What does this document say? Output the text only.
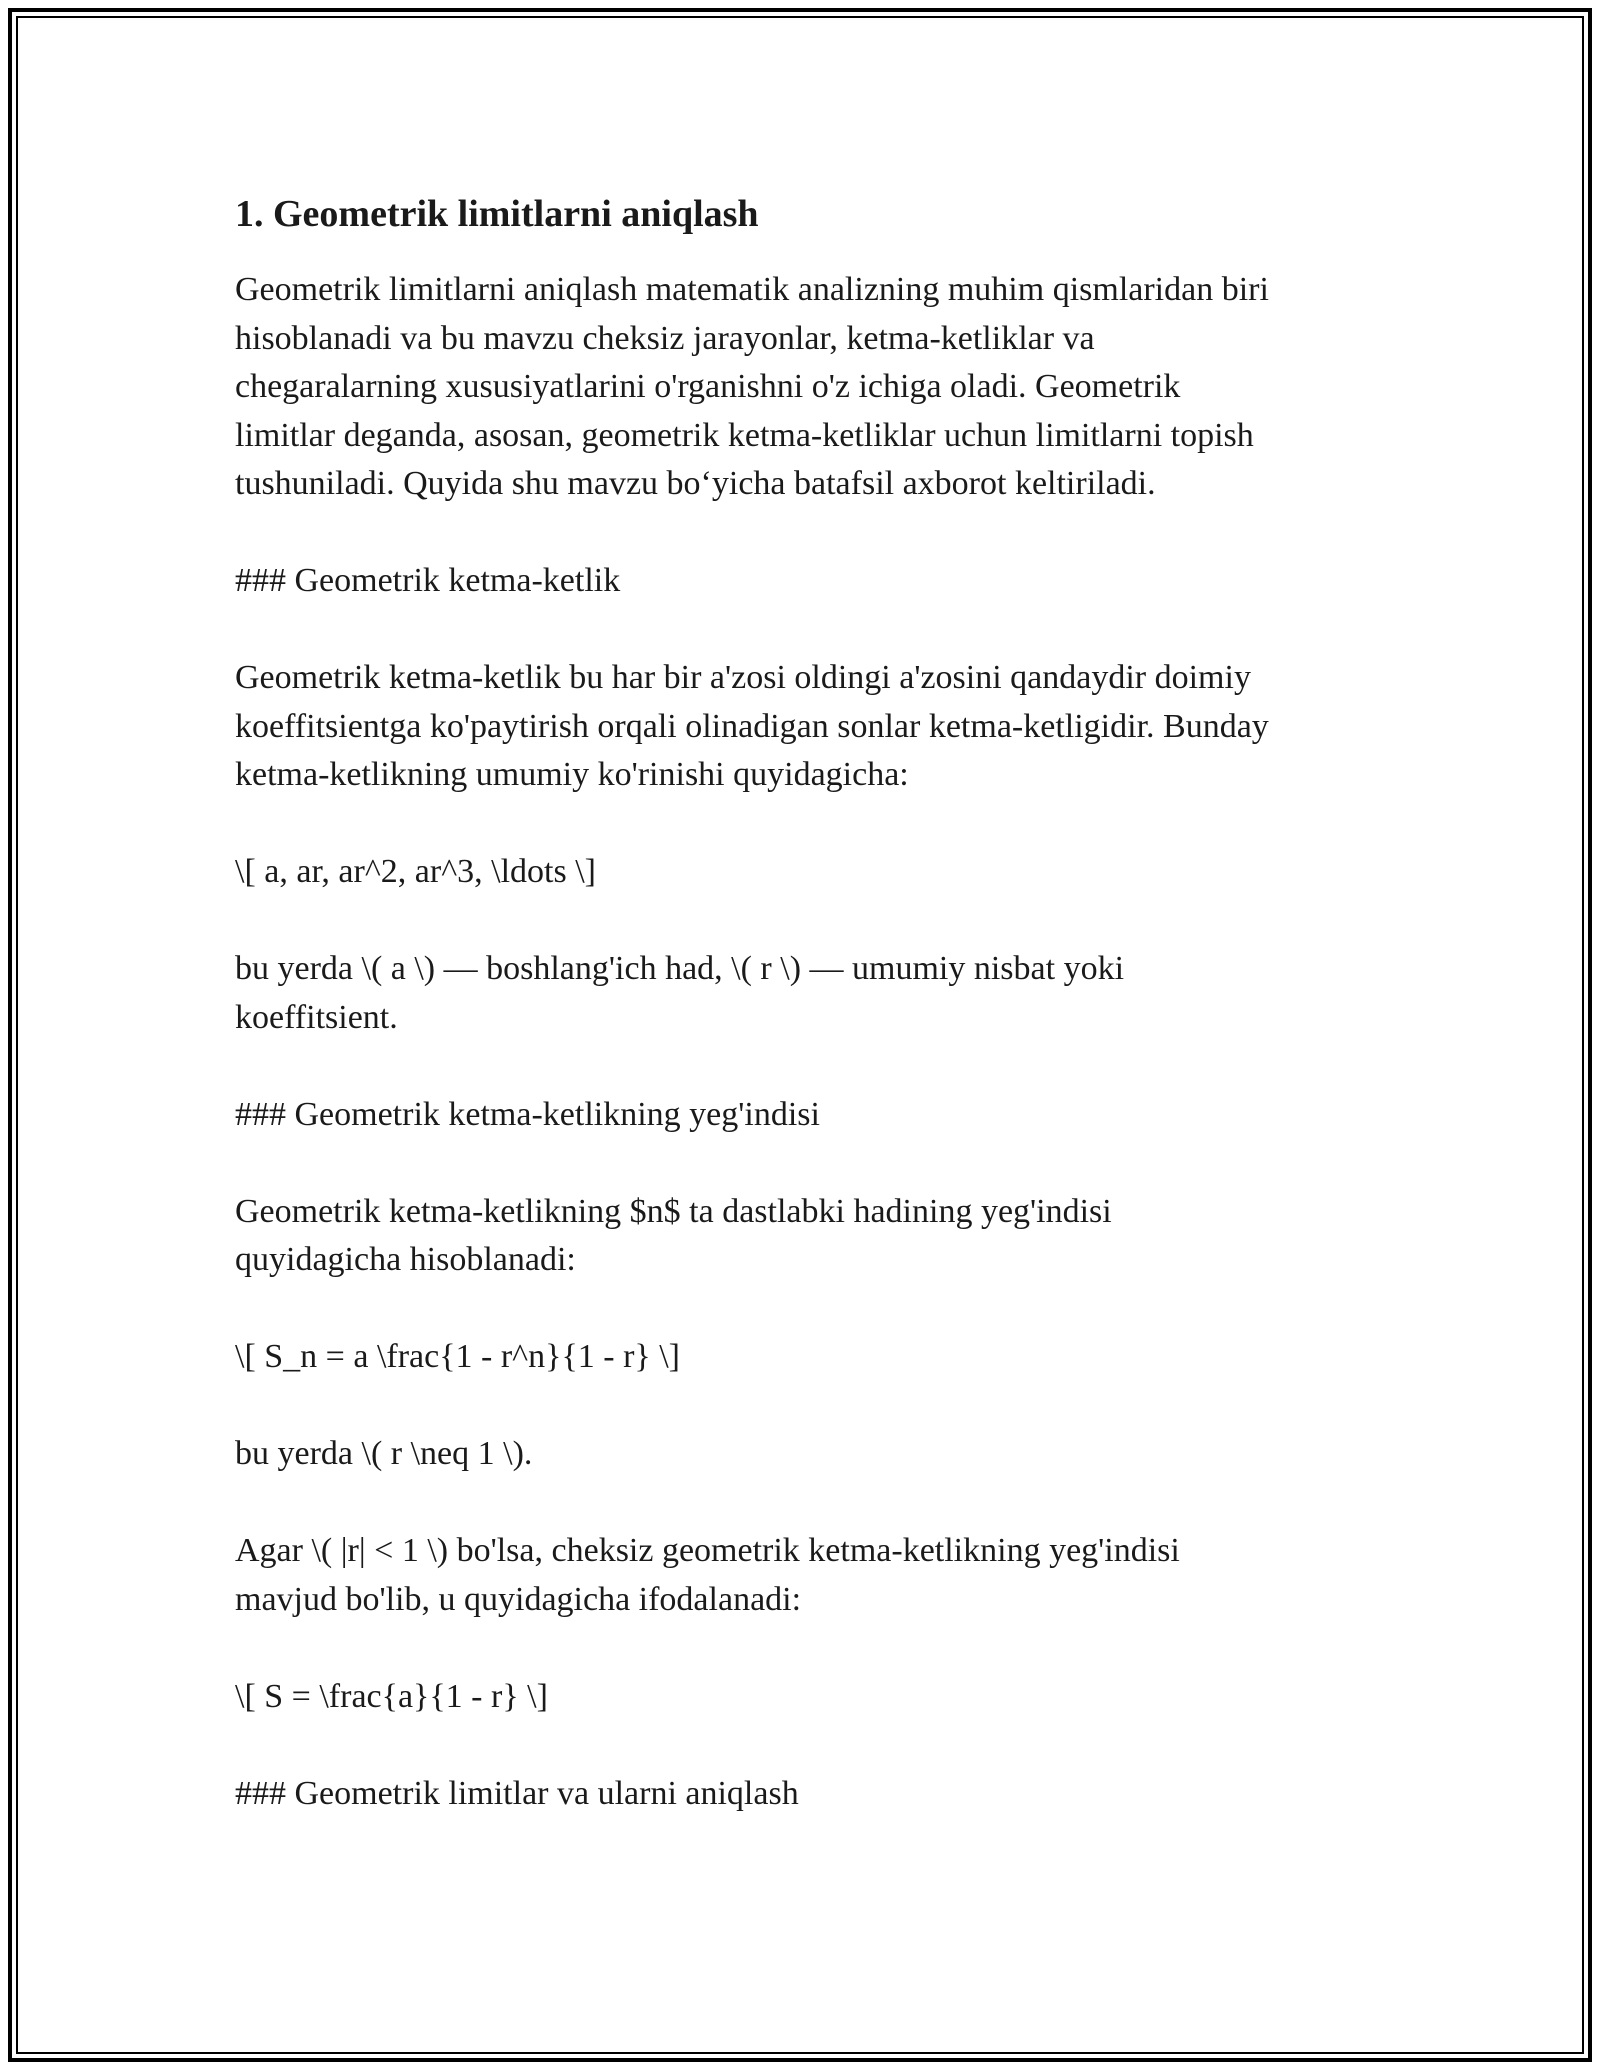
1. Geometrik limitlarni aniqlash

Geometrik limitlarni aniqlash matematik analizning muhim qismlaridan biri
hisoblanadi va bu mavzu cheksiz jarayonlar, ketma-ketliklar va
chegaralarning xususiyatlarini o'rganishni o'z ichiga oladi. Geometrik
limitlar deganda, asosan, geometrik ketma-ketliklar uchun limitlarni topish
tushuniladi. Quyida shu mavzu bo‘yicha batafsil axborot keltiriladi.

### Geometrik ketma-ketlik

Geometrik ketma-ketlik bu har bir a'zosi oldingi a'zosini qandaydir doimiy
koeffitsientga ko'paytirish orqali olinadigan sonlar ketma-ketligidir. Bunday
ketma-ketlikning umumiy ko'rinishi quyidagicha:

\[ a, ar, ar^2, ar^3, \ldots \]

bu yerda \( a \) — boshlang'ich had, \( r \) — umumiy nisbat yoki
koeffitsient.

### Geometrik ketma-ketlikning yeg'indisi

Geometrik ketma-ketlikning $n$ ta dastlabki hadining yeg'indisi
quyidagicha hisoblanadi:

\[ S_n = a \frac{1 - r^n}{1 - r} \]

bu yerda \( r \neq 1 \).

Agar \( |r| < 1 \) bo'lsa, cheksiz geometrik ketma-ketlikning yeg'indisi
mavjud bo'lib, u quyidagicha ifodalanadi:

\[ S = \frac{a}{1 - r} \]

### Geometrik limitlar va ularni aniqlash
